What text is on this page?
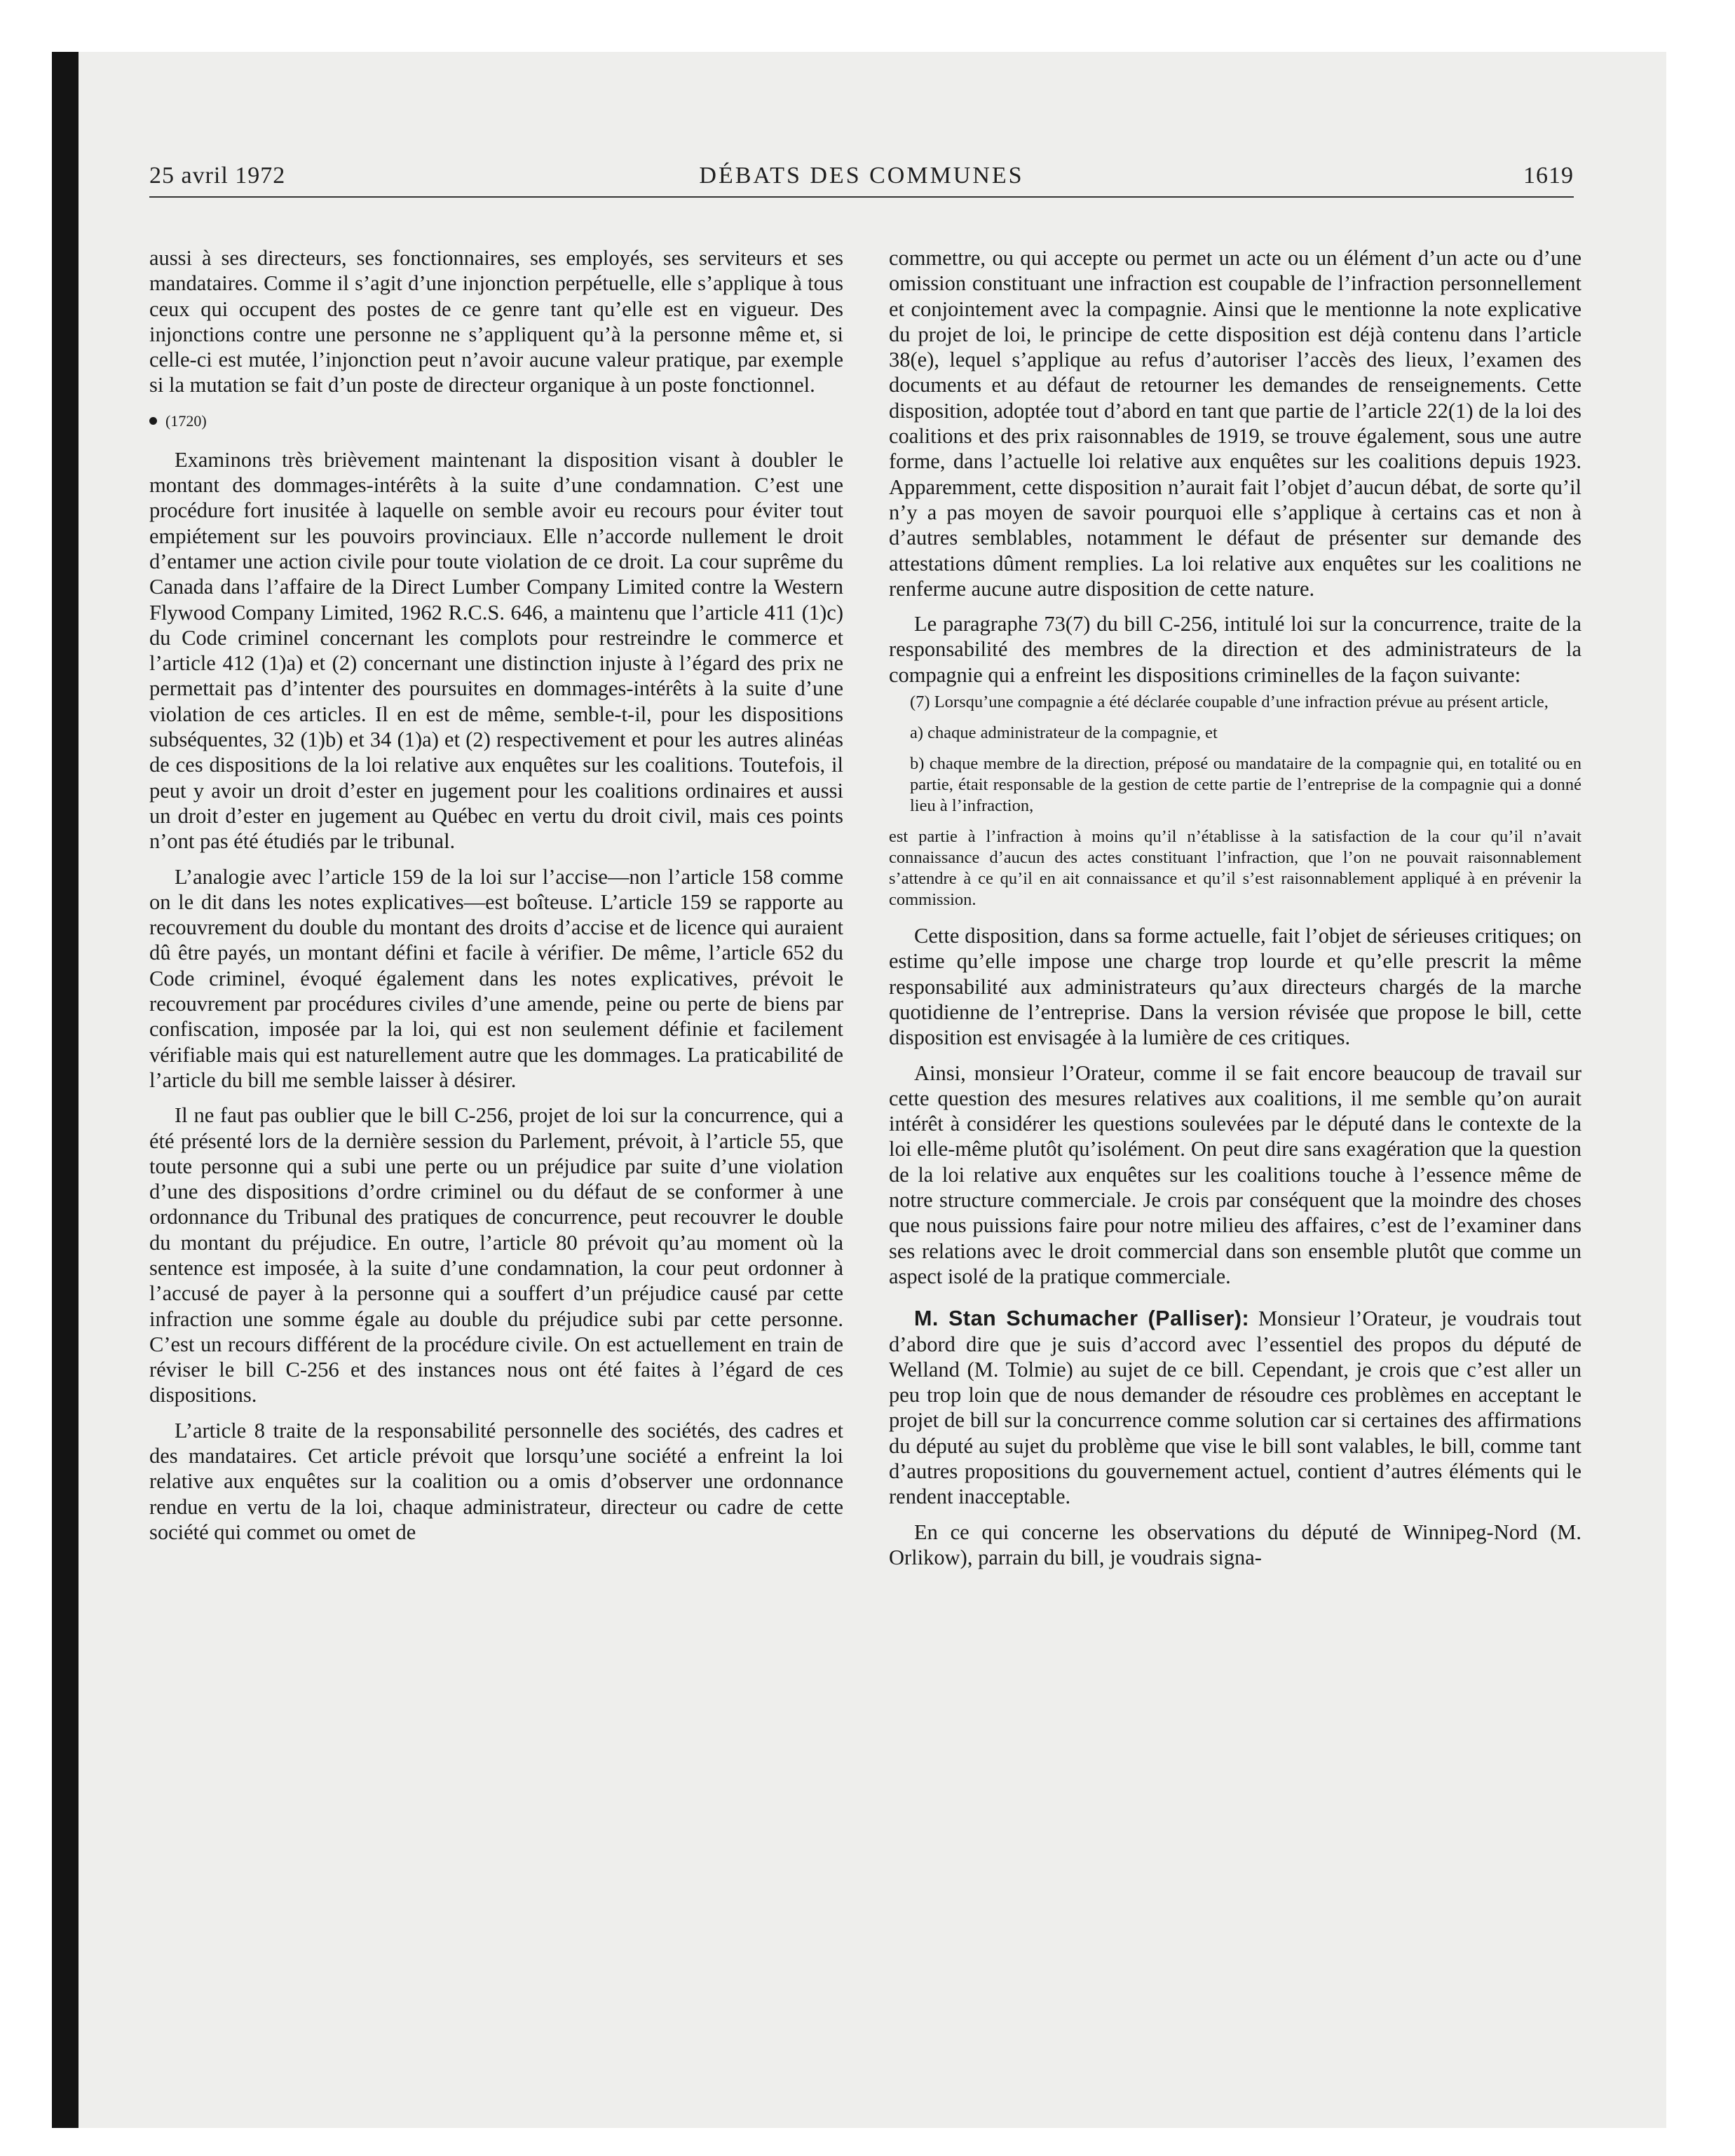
25 avril 1972	DÉBATS DES COMMUNES	1619

aussi à ses directeurs, ses fonctionnaires, ses employés, ses serviteurs et ses mandataires. Comme il s’agit d’une injonction perpétuelle, elle s’applique à tous ceux qui occupent des postes de ce genre tant qu’elle est en vigueur. Des injonctions contre une personne ne s’appliquent qu’à la personne même et, si celle-ci est mutée, l’injonction peut n’avoir aucune valeur pratique, par exemple si la mutation se fait d’un poste de directeur organique à un poste fonctionnel.

(1720)

Examinons très brièvement maintenant la disposition visant à doubler le montant des dommages-intérêts à la suite d’une condamnation. C’est une procédure fort inusitée à laquelle on semble avoir eu recours pour éviter tout empiétement sur les pouvoirs provinciaux. Elle n’accorde nullement le droit d’entamer une action civile pour toute violation de ce droit. La cour suprême du Canada dans l’affaire de la Direct Lumber Company Limited contre la Western Flywood Company Limited, 1962 R.C.S. 646, a maintenu que l’article 411 (1)c) du Code criminel concernant les complots pour restreindre le commerce et l’article 412 (1)a) et (2) concernant une distinction injuste à l’égard des prix ne permettait pas d’intenter des poursuites en dommages-intérêts à la suite d’une violation de ces articles. Il en est de même, semble-t-il, pour les dispositions subséquentes, 32 (1)b) et 34 (1)a) et (2) respectivement et pour les autres alinéas de ces dispositions de la loi relative aux enquêtes sur les coalitions. Toutefois, il peut y avoir un droit d’ester en jugement pour les coalitions ordinaires et aussi un droit d’ester en jugement au Québec en vertu du droit civil, mais ces points n’ont pas été étudiés par le tribunal.

L’analogie avec l’article 159 de la loi sur l’accise—non l’article 158 comme on le dit dans les notes explicatives—est boîteuse. L’article 159 se rapporte au recouvrement du double du montant des droits d’accise et de licence qui auraient dû être payés, un montant défini et facile à vérifier. De même, l’article 652 du Code criminel, évoqué également dans les notes explicatives, prévoit le recouvrement par procédures civiles d’une amende, peine ou perte de biens par confiscation, imposée par la loi, qui est non seulement définie et facilement vérifiable mais qui est naturellement autre que les dommages. La praticabilité de l’article du bill me semble laisser à désirer.

Il ne faut pas oublier que le bill C-256, projet de loi sur la concurrence, qui a été présenté lors de la dernière session du Parlement, prévoit, à l’article 55, que toute personne qui a subi une perte ou un préjudice par suite d’une violation d’une des dispositions d’ordre criminel ou du défaut de se conformer à une ordonnance du Tribunal des pratiques de concurrence, peut recouvrer le double du montant du préjudice. En outre, l’article 80 prévoit qu’au moment où la sentence est imposée, à la suite d’une condamnation, la cour peut ordonner à l’accusé de payer à la personne qui a souffert d’un préjudice causé par cette infraction une somme égale au double du préjudice subi par cette personne. C’est un recours différent de la procédure civile. On est actuellement en train de réviser le bill C-256 et des instances nous ont été faites à l’égard de ces dispositions.

L’article 8 traite de la responsabilité personnelle des sociétés, des cadres et des mandataires. Cet article prévoit que lorsqu’une société a enfreint la loi relative aux enquêtes sur la coalition ou a omis d’observer une ordonnance rendue en vertu de la loi, chaque administrateur, directeur ou cadre de cette société qui commet ou omet de

commettre, ou qui accepte ou permet un acte ou un élément d’un acte ou d’une omission constituant une infraction est coupable de l’infraction personnellement et conjointement avec la compagnie. Ainsi que le mentionne la note explicative du projet de loi, le principe de cette disposition est déjà contenu dans l’article 38(e), lequel s’applique au refus d’autoriser l’accès des lieux, l’examen des documents et au défaut de retourner les demandes de renseignements. Cette disposition, adoptée tout d’abord en tant que partie de l’article 22(1) de la loi des coalitions et des prix raisonnables de 1919, se trouve également, sous une autre forme, dans l’actuelle loi relative aux enquêtes sur les coalitions depuis 1923. Apparemment, cette disposition n’aurait fait l’objet d’aucun débat, de sorte qu’il n’y a pas moyen de savoir pourquoi elle s’applique à certains cas et non à d’autres semblables, notamment le défaut de présenter sur demande des attestations dûment remplies. La loi relative aux enquêtes sur les coalitions ne renferme aucune autre disposition de cette nature.

Le paragraphe 73(7) du bill C-256, intitulé loi sur la concurrence, traite de la responsabilité des membres de la direction et des administrateurs de la compagnie qui a enfreint les dispositions criminelles de la façon suivante:

(7) Lorsqu’une compagnie a été déclarée coupable d’une infraction prévue au présent article,

a) chaque administrateur de la compagnie, et

b) chaque membre de la direction, préposé ou mandataire de la compagnie qui, en totalité ou en partie, était responsable de la gestion de cette partie de l’entreprise de la compagnie qui a donné lieu à l’infraction,

est partie à l’infraction à moins qu’il n’établisse à la satisfaction de la cour qu’il n’avait connaissance d’aucun des actes constituant l’infraction, que l’on ne pouvait raisonnablement s’attendre à ce qu’il en ait connaissance et qu’il s’est raisonnablement appliqué à en prévenir la commission.

Cette disposition, dans sa forme actuelle, fait l’objet de sérieuses critiques; on estime qu’elle impose une charge trop lourde et qu’elle prescrit la même responsabilité aux administrateurs qu’aux directeurs chargés de la marche quotidienne de l’entreprise. Dans la version révisée que propose le bill, cette disposition est envisagée à la lumière de ces critiques.

Ainsi, monsieur l’Orateur, comme il se fait encore beaucoup de travail sur cette question des mesures relatives aux coalitions, il me semble qu’on aurait intérêt à considérer les questions soulevées par le député dans le contexte de la loi elle-même plutôt qu’isolément. On peut dire sans exagération que la question de la loi relative aux enquêtes sur les coalitions touche à l’essence même de notre structure commerciale. Je crois par conséquent que la moindre des choses que nous puissions faire pour notre milieu des affaires, c’est de l’examiner dans ses relations avec le droit commercial dans son ensemble plutôt que comme un aspect isolé de la pratique commerciale.

M. Stan Schumacher (Palliser): Monsieur l’Orateur, je voudrais tout d’abord dire que je suis d’accord avec l’essentiel des propos du député de Welland (M. Tolmie) au sujet de ce bill. Cependant, je crois que c’est aller un peu trop loin que de nous demander de résoudre ces problèmes en acceptant le projet de bill sur la concurrence comme solution car si certaines des affirmations du député au sujet du problème que vise le bill sont valables, le bill, comme tant d’autres propositions du gouvernement actuel, contient d’autres éléments qui le rendent inacceptable.

En ce qui concerne les observations du député de Winnipeg-Nord (M. Orlikow), parrain du bill, je voudrais signa-
